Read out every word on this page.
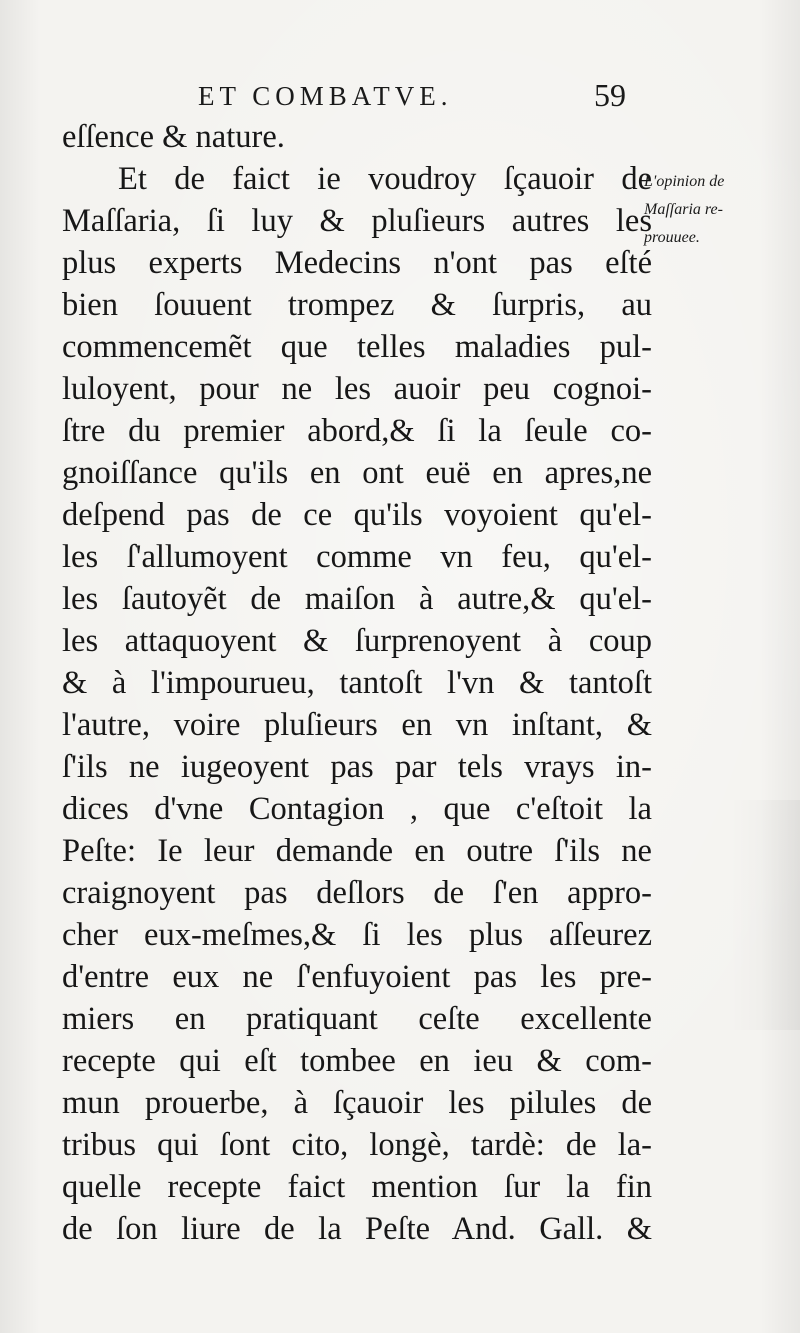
ET COMBATVE.	59
eſſence & nature.
Et de faict ie voudroy ſçauoir de
Maſſaria, ſi luy & pluſieurs autres les
plus experts Medecins n'ont pas eſté
bien ſouuent trompez & ſurpris, au
commencemẽt que telles maladies pul-
luloyent, pour ne les auoir peu cognoi-
ſtre du premier abord,& ſi la ſeule co-
gnoiſſance qu'ils en ont euë en apres,ne
deſpend pas de ce qu'ils voyoient qu'el-
les ſ'allumoyent comme vn feu, qu'el-
les ſautoyẽt de maiſon à autre,& qu'el-
les attaquoyent & ſurprenoyent à coup
& à l'impourueu, tantoſt l'vn & tantoſt
l'autre, voire pluſieurs en vn inſtant, &
ſ'ils ne iugeoyent pas par tels vrays in-
dices d'vne Contagion , que c'eſtoit la
Peſte: Ie leur demande en outre ſ'ils ne
craignoyent pas deſlors de ſ'en appro-
cher eux-meſmes,& ſi les plus aſſeurez
d'entre eux ne ſ'enfuyoient pas les pre-
miers en pratiquant ceſte excellente
recepte qui eſt tombee en ieu & com-
mun prouerbe, à ſçauoir les pilules de
tribus qui ſont cito, longè, tardè: de la-
quelle recepte faict mention ſur la fin
de ſon liure de la Peſte And. Gall. &
L'opinion de
Maſſaria re-
prouuee.
